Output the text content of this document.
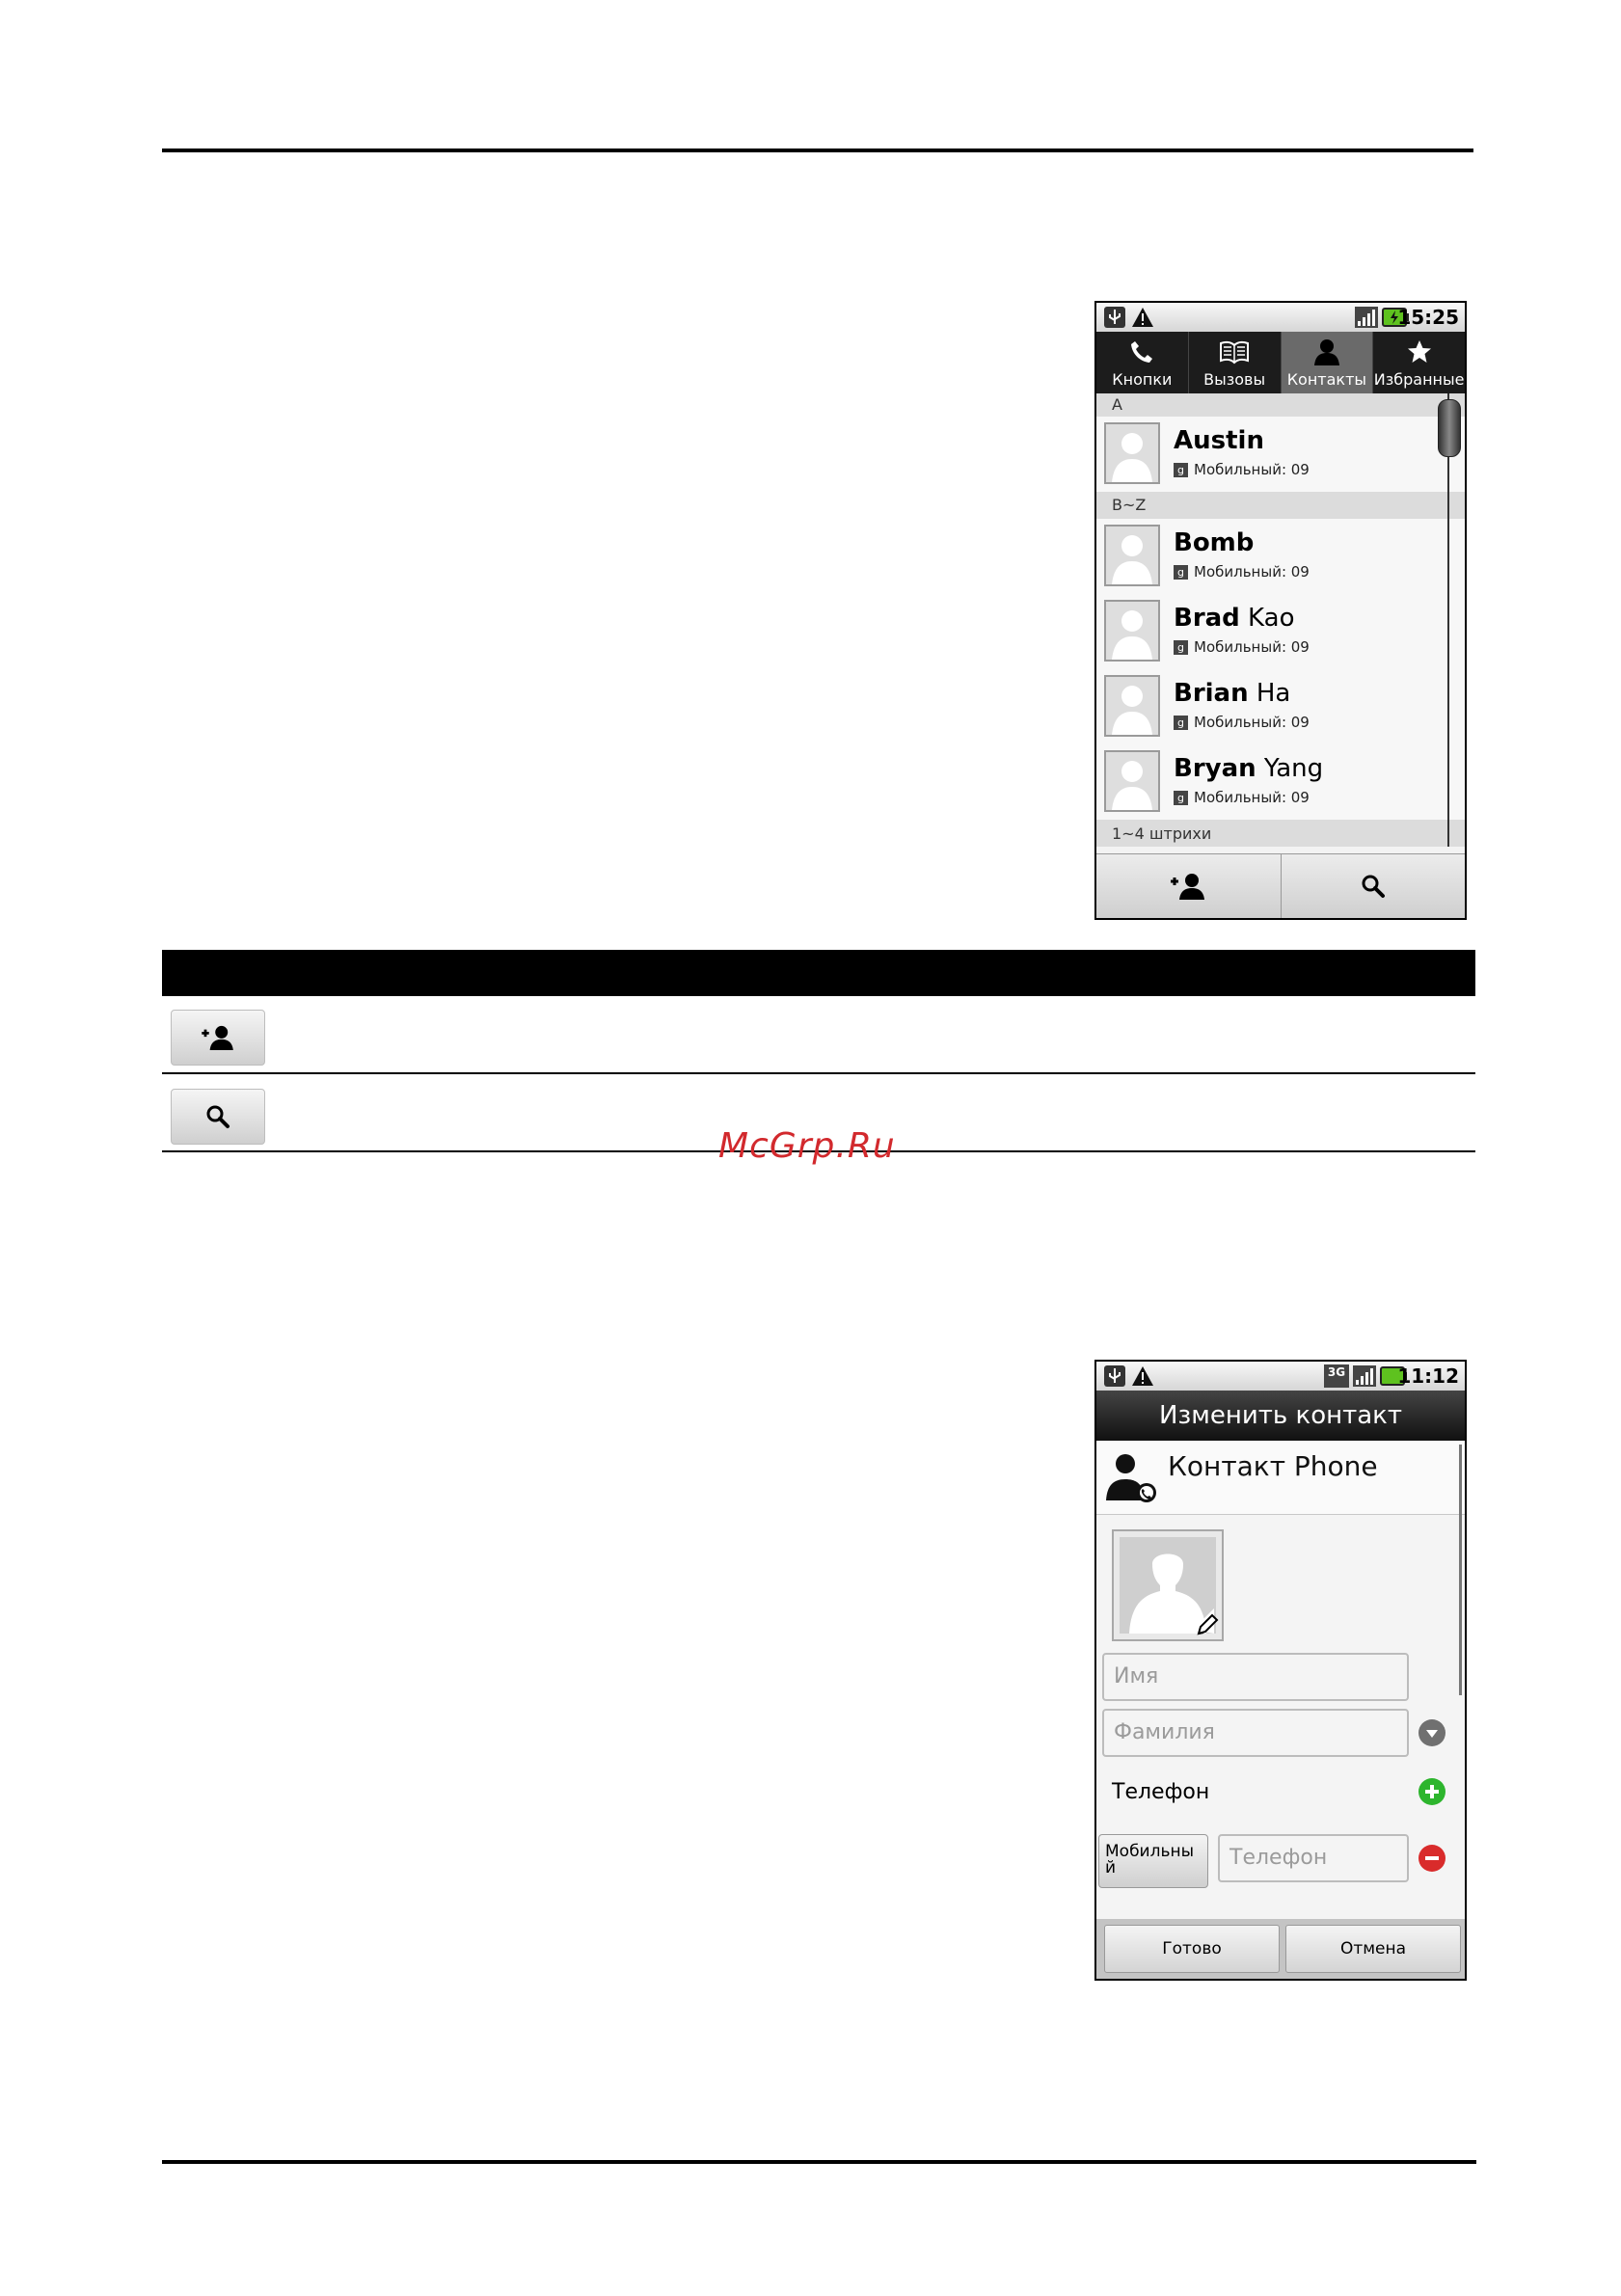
15:25
Кнопки	Вызовы	Контакты Избранные
A
Austin
g Мобильный: 09
B~Z
Bomb
g Мобильный: 09
Brad Kao
g Мобильный: 09
Brian Ha
g Мобильный: 09
Bryan Yang
g Мобильный: 09
1~4 штрихи
McGrp.Ru
3G	11:12
Изменить контакт
Контакт Phone
Имя
Фамилия
Телефон
Мобильный	Телефон
Готово	Отмена
